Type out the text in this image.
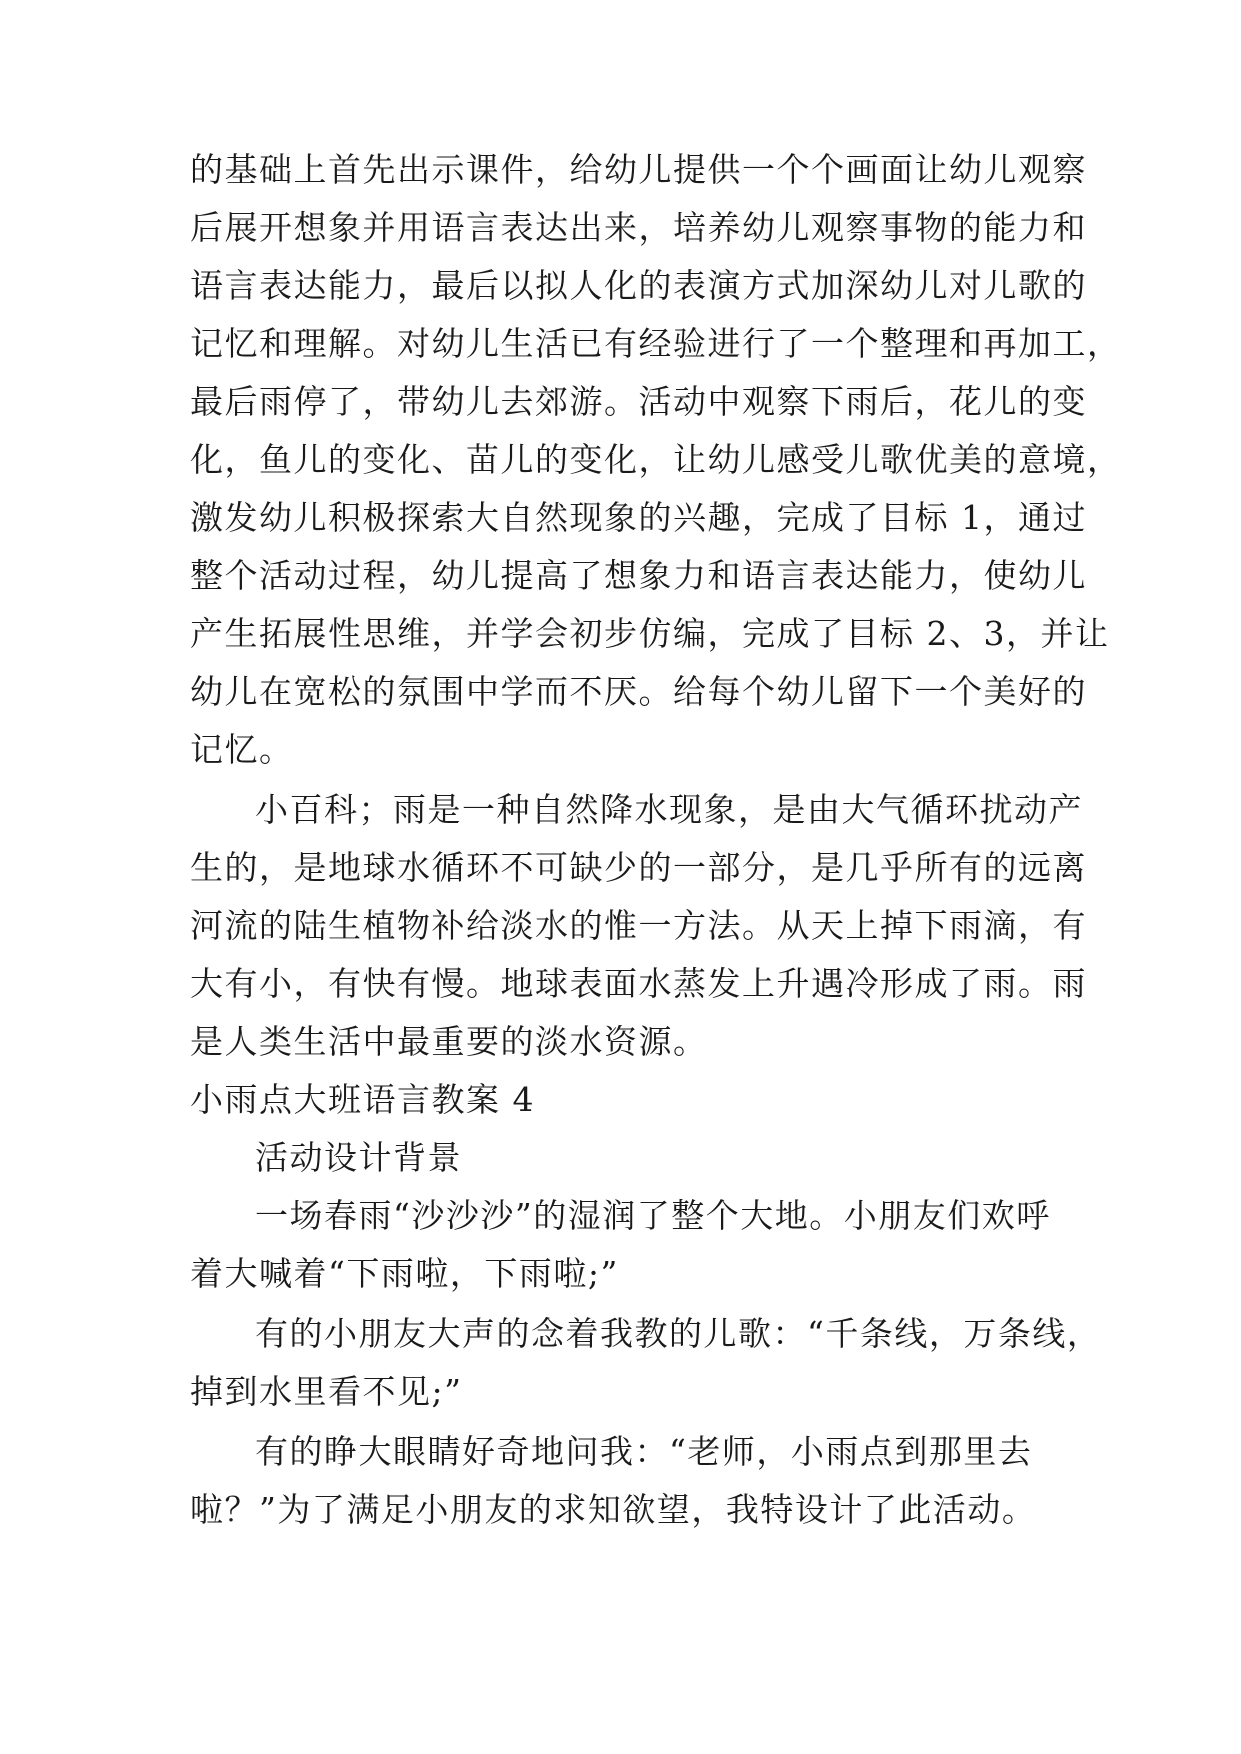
的基础上首先出示课件，给幼儿提供一个个画面让幼儿观察
后展开想象并用语言表达出来，培养幼儿观察事物的能力和
语言表达能力，最后以拟人化的表演方式加深幼儿对儿歌的
记忆和理解。对幼儿生活已有经验进行了一个整理和再加工，
最后雨停了，带幼儿去郊游。活动中观察下雨后，花儿的变
化，鱼儿的变化、苗儿的变化，让幼儿感受儿歌优美的意境，
激发幼儿积极探索大自然现象的兴趣，完成了目标 1，通过
整个活动过程，幼儿提高了想象力和语言表达能力，使幼儿
产生拓展性思维，并学会初步仿编，完成了目标 2、3，并让
幼儿在宽松的氛围中学而不厌。给每个幼儿留下一个美好的
记忆。
小百科；雨是一种自然降水现象，是由大气循环扰动产
生的，是地球水循环不可缺少的一部分，是几乎所有的远离
河流的陆生植物补给淡水的惟一方法。从天上掉下雨滴，有
大有小，有快有慢。地球表面水蒸发上升遇冷形成了雨。雨
是人类生活中最重要的淡水资源。
小雨点大班语言教案 4
活动设计背景
一场春雨“沙沙沙”的湿润了整个大地。小朋友们欢呼
着大喊着“下雨啦，下雨啦;”
有的小朋友大声的念着我教的儿歌：“千条线，万条线，
掉到水里看不见;”
有的睁大眼睛好奇地问我：“老师，小雨点到那里去
啦？”为了满足小朋友的求知欲望，我特设计了此活动。
